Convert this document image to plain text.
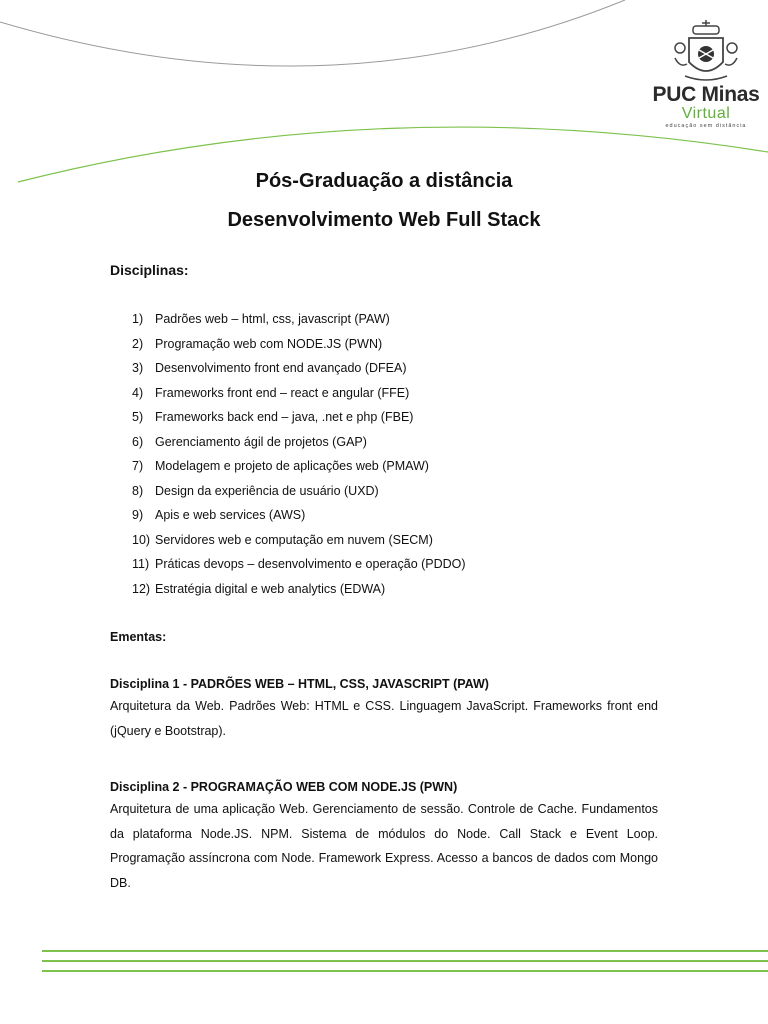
PUC Minas
Virtual
educação sem distância
Pós-Graduação a distância
Desenvolvimento Web Full Stack
Disciplinas:
1) Padrões web – html, css, javascript (PAW)
2) Programação web com NODE.JS (PWN)
3) Desenvolvimento front end avançado (DFEA)
4) Frameworks front end – react e angular (FFE)
5) Frameworks back end – java, .net e php (FBE)
6) Gerenciamento ágil de projetos (GAP)
7) Modelagem e projeto de aplicações web (PMAW)
8) Design da experiência de usuário (UXD)
9) Apis e web services (AWS)
10) Servidores web e computação em nuvem (SECM)
11) Práticas devops – desenvolvimento e operação (PDDO)
12) Estratégia digital e web analytics (EDWA)
Ementas:
Disciplina 1 - PADRÕES WEB – HTML, CSS, JAVASCRIPT (PAW)
Arquitetura da Web. Padrões Web: HTML e CSS. Linguagem JavaScript. Frameworks front end (jQuery e Bootstrap).
Disciplina 2 - PROGRAMAÇÃO WEB COM NODE.JS (PWN)
Arquitetura de uma aplicação Web. Gerenciamento de sessão. Controle de Cache. Fundamentos da plataforma Node.JS. NPM. Sistema de módulos do Node. Call Stack e Event Loop. Programação assíncrona com Node. Framework Express. Acesso a bancos de dados com Mongo DB.
